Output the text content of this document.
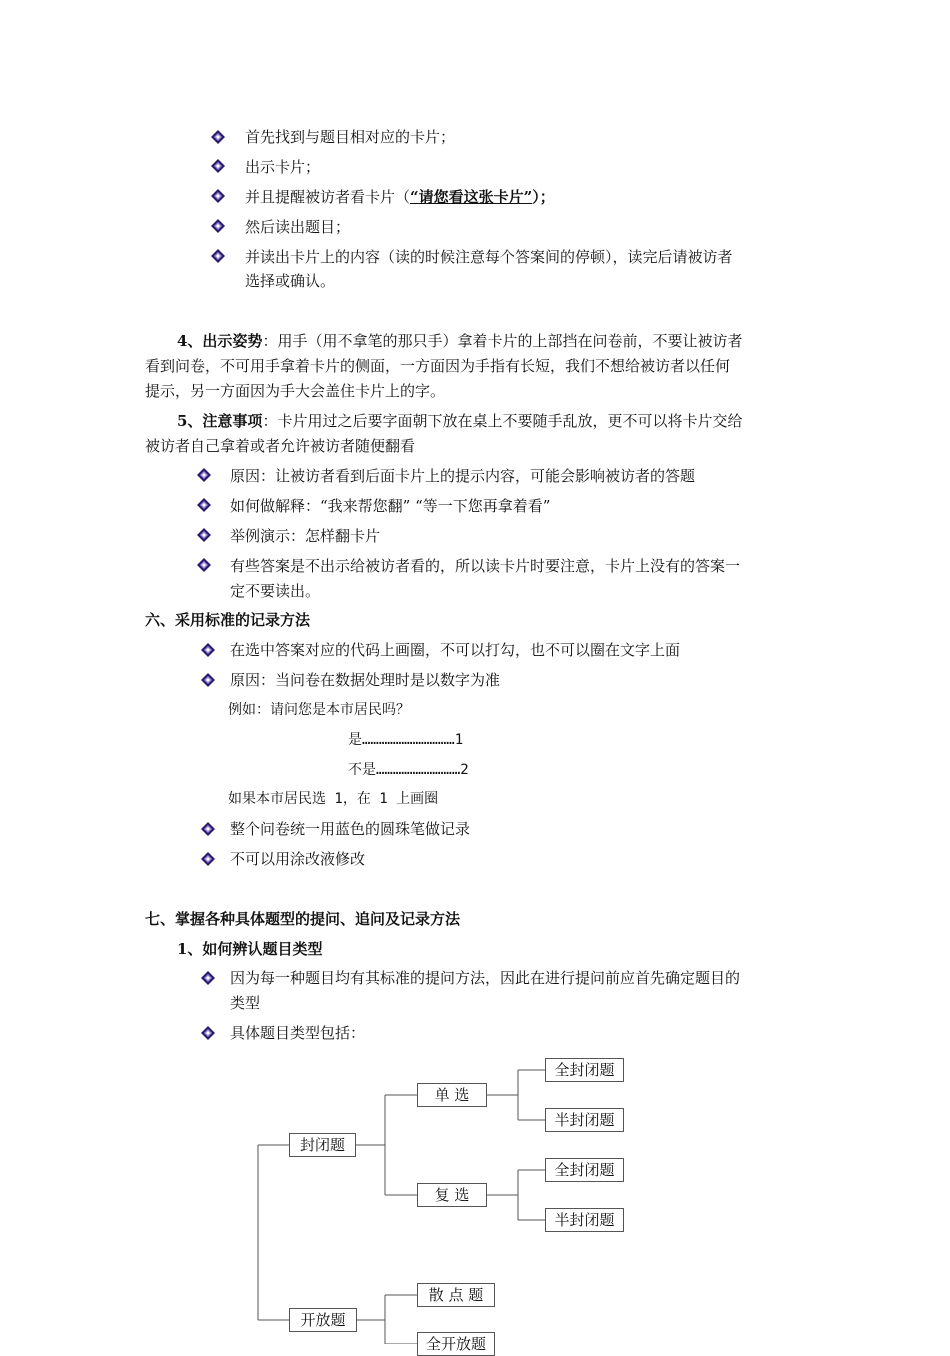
首先找到与题目相对应的卡片；
出示卡片；
并且提醒被访者看卡片（“请您看这张卡片”）；
然后读出题目；
并读出卡片上的内容（读的时候注意每个答案间的停顿），读完后请被访者
选择或确认。
4、出示姿势：用手（用不拿笔的那只手）拿着卡片的上部挡在问卷前，不要让被访者
看到问卷，不可用手拿着卡片的侧面，一方面因为手指有长短，我们不想给被访者以任何
提示，另一方面因为手大会盖住卡片上的字。
5、注意事项：卡片用过之后要字面朝下放在桌上不要随手乱放，更不可以将卡片交给
被访者自己拿着或者允许被访者随便翻看
原因：让被访者看到后面卡片上的提示内容，可能会影响被访者的答题
如何做解释：“我来帮您翻” “等一下您再拿着看”
举例演示：怎样翻卡片
有些答案是不出示给被访者看的，所以读卡片时要注意，卡片上没有的答案一
定不要读出。
六、采用标准的记录方法
在选中答案对应的代码上画圈，不可以打勾，也不可以圈在文字上面
原因：当问卷在数据处理时是以数字为准
例如：请问您是本市居民吗？
是……………………………1
不是…………………………2
如果本市居民选 1，在 1 上画圈
整个问卷统一用蓝色的圆珠笔做记录
不可以用涂改液修改
七、掌握各种具体题型的提问、追问及记录方法
1、如何辨认题目类型
因为每一种题目均有其标准的提问方法，因此在进行提问前应首先确定题目的
类型
具体题目类型包括：
封闭题
单 选
复 选
全封闭题
半封闭题
全封闭题
半封闭题
开放题
散 点 题
全开放题
